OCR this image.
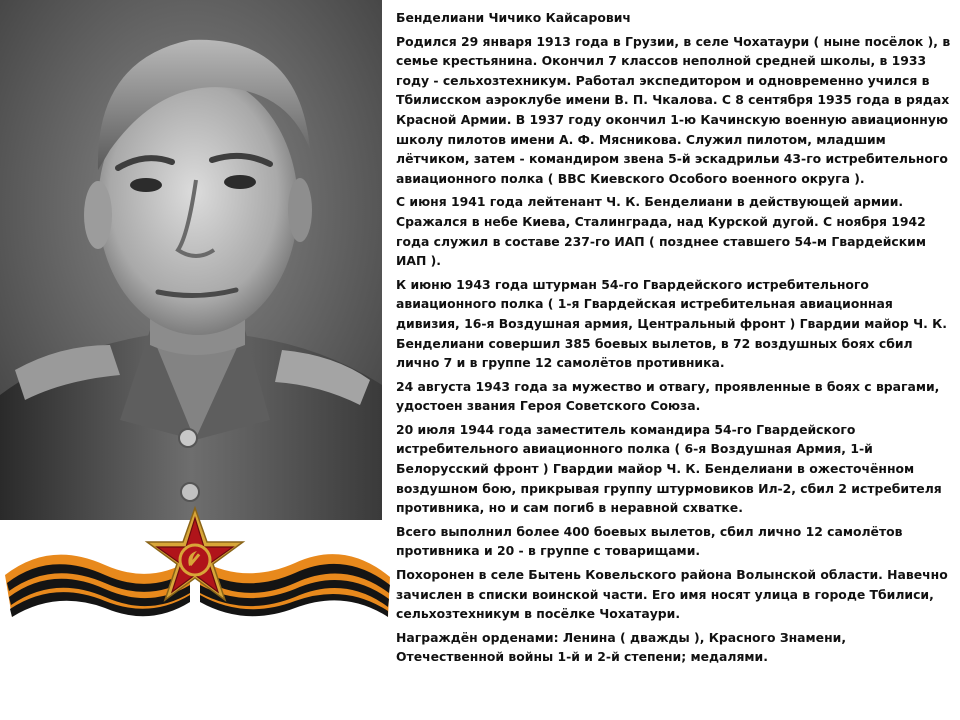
Бенделиани Чичико Кайсарович

Родился 29 января 1913 года в Грузии, в селе Чохатаури ( ныне посёлок ), в семье крестьянина. Окончил 7 классов неполной средней школы, в 1933 году - сельхозтехникум. Работал экспедитором и одновременно учился в Тбилисском аэроклубе имени В. П. Чкалова. С 8 сентября 1935 года в рядах Красной Армии. В 1937 году окончил 1-ю Качинскую военную авиационную школу пилотов имени А. Ф. Мясникова. Служил пилотом, младшим лётчиком, затем - командиром звена 5-й эскадрильи 43-го истребительного авиационного полка ( ВВС Киевского Особого военного округа ).

С июня 1941 года лейтенант Ч. К. Бенделиани в действующей армии. Сражался в небе Киева, Сталинграда, над Курской дугой. С ноября 1942 года служил в составе 237-го ИАП ( позднее ставшего 54-м Гвардейским ИАП ).

К июню 1943 года штурман 54-го Гвардейского истребительного авиационного полка ( 1-я Гвардейская истребительная авиационная дивизия, 16-я Воздушная армия, Центральный фронт ) Гвардии майор Ч. К. Бенделиани совершил 385 боевых вылетов, в 72 воздушных боях сбил лично 7 и в группе 12 самолётов противника.

24 августа 1943 года за мужество и отвагу, проявленные в боях с врагами, удостоен звания Героя Советского Союза.

20 июля 1944 года заместитель командира 54-го Гвардейского истребительного авиационного полка ( 6-я Воздушная Армия, 1-й Белорусский фронт ) Гвардии майор Ч. К. Бенделиани в ожесточённом воздушном бою, прикрывая группу штурмовиков Ил-2, сбил 2 истребителя противника, но и сам погиб в неравной схватке.

Всего выполнил более 400 боевых вылетов, сбил лично 12 самолётов противника и 20 - в группе с товарищами.

Похоронен в селе Бытень Ковельского района Волынской области. Навечно зачислен в списки воинской части. Его имя носят улица в городе Тбилиси, сельхозтехникум в посёлке Чохатаури.

Награждён орденами: Ленина ( дважды ), Красного Знамени, Отечественной войны 1-й и 2-й степени; медалями.
